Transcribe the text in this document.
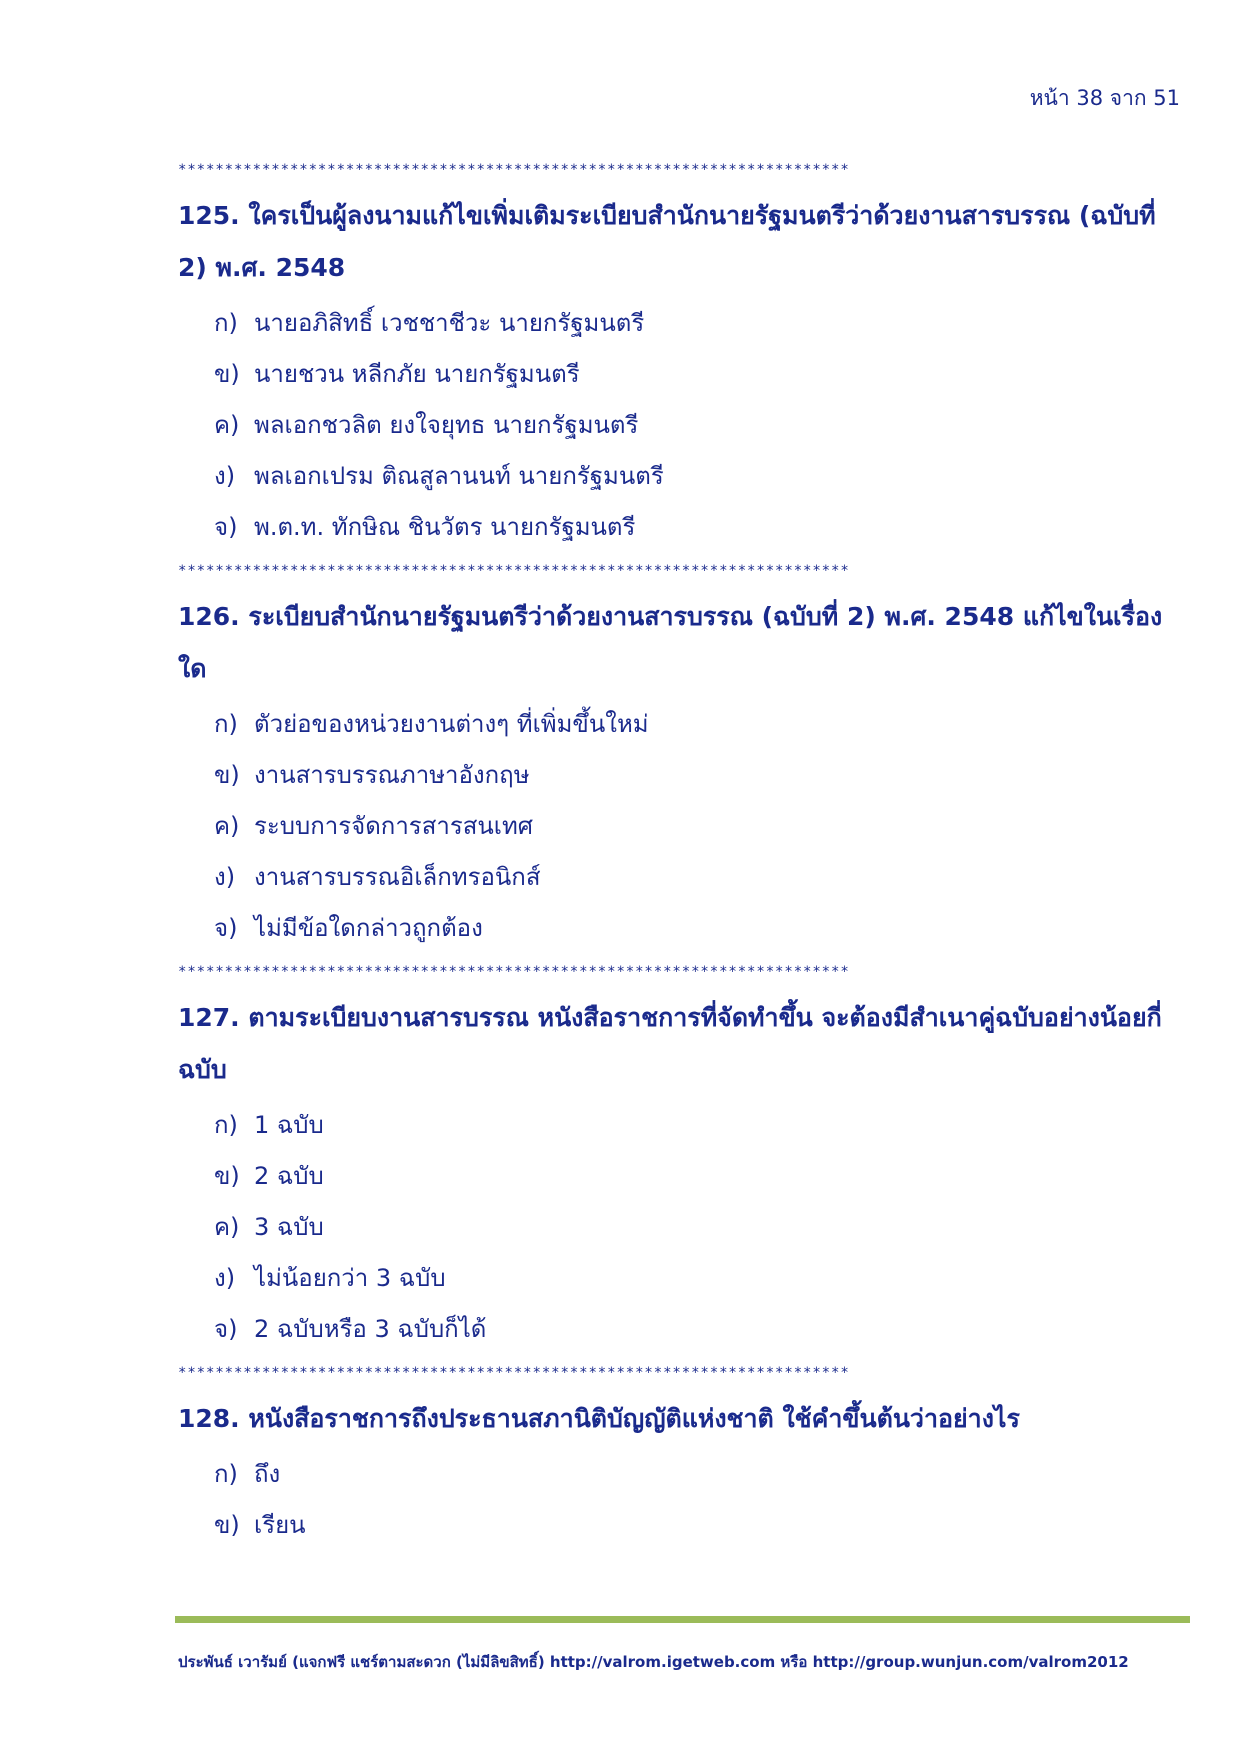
หน้า 38 จาก 51
************************************************************************

125. ใครเป็นผู้ลงนามแก้ไขเพิ่มเติมระเบียบสำนักนายรัฐมนตรีว่าด้วยงานสารบรรณ (ฉบับที่ 2) พ.ศ. 2548

ก) นายอภิสิทธิ์ เวชชาชีวะ นายกรัฐมนตรี
ข) นายชวน หลีกภัย นายกรัฐมนตรี
ค) พลเอกชวลิต ยงใจยุทธ นายกรัฐมนตรี
ง) พลเอกเปรม ติณสูลานนท์ นายกรัฐมนตรี
จ) พ.ต.ท. ทักษิณ ชินวัตร นายกรัฐมนตรี
************************************************************************

126. ระเบียบสำนักนายรัฐมนตรีว่าด้วยงานสารบรรณ (ฉบับที่ 2) พ.ศ. 2548 แก้ไขในเรื่องใด

ก) ตัวย่อของหน่วยงานต่างๆ ที่เพิ่มขึ้นใหม่
ข) งานสารบรรณภาษาอังกฤษ
ค) ระบบการจัดการสารสนเทศ
ง) งานสารบรรณอิเล็กทรอนิกส์
จ) ไม่มีข้อใดกล่าวถูกต้อง
************************************************************************

127. ตามระเบียบงานสารบรรณ หนังสือราชการที่จัดทำขึ้น จะต้องมีสำเนาคู่ฉบับอย่างน้อยกี่ฉบับ

ก) 1 ฉบับ
ข) 2 ฉบับ
ค) 3 ฉบับ
ง) ไม่น้อยกว่า 3 ฉบับ
จ) 2 ฉบับหรือ 3 ฉบับก็ได้
************************************************************************

128. หนังสือราชการถึงประธานสภานิติบัญญัติแห่งชาติ ใช้คำขึ้นต้นว่าอย่างไร

ก) ถึง
ข) เรียน
ประพันธ์ เวารัมย์ (แจกฟรี แชร์ตามสะดวก (ไม่มีลิขสิทธิ์) http://valrom.igetweb.com หรือ http://group.wunjun.com/valrom2012
